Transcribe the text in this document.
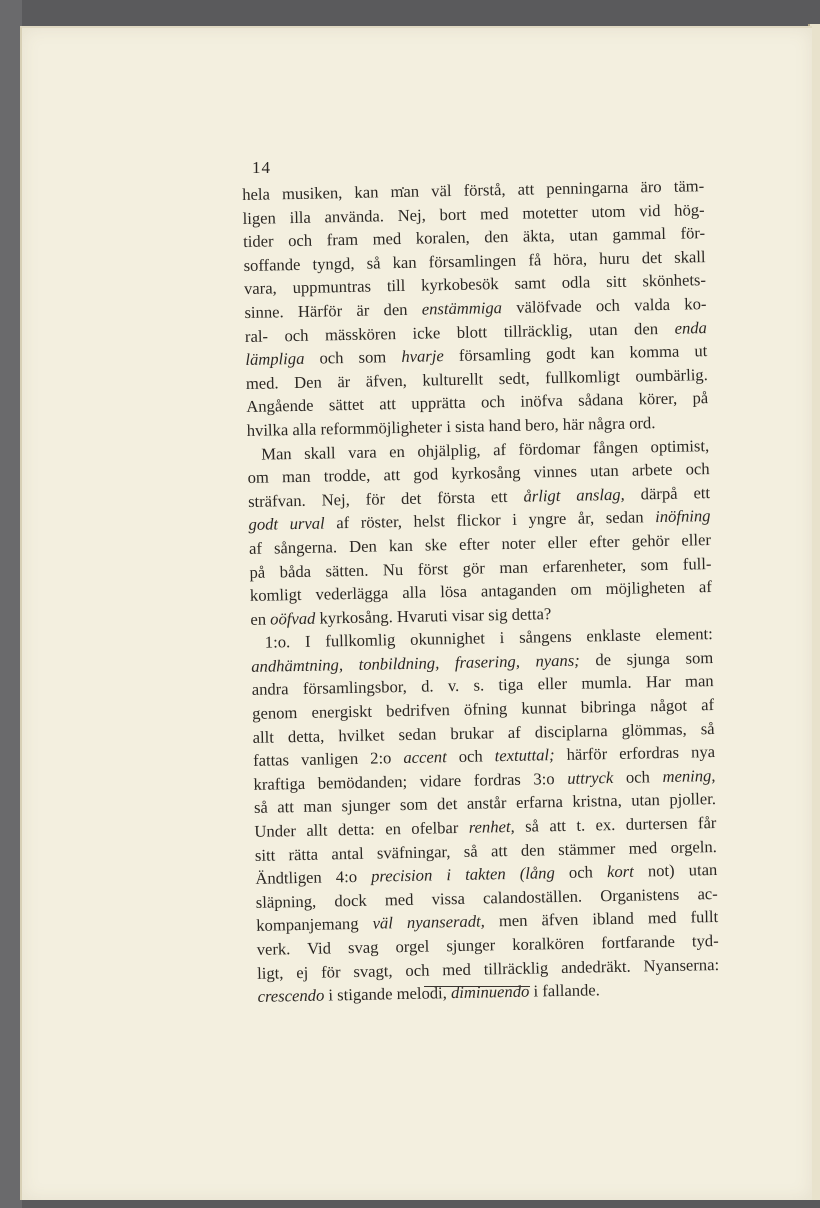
14
hela musiken, kan man väl förstå, att penningarna äro täm-
ligen illa använda. Nej, bort med motetter utom vid hög-
tider och fram med koralen, den äkta, utan gammal för-
soffande tyngd, så kan församlingen få höra, huru det skall
vara, uppmuntras till kyrkobesök samt odla sitt skönhets-
sinne. Härför är den enstämmiga välöfvade och valda ko-
ral- och mässkören icke blott tillräcklig, utan den enda
lämpliga och som hvarje församling godt kan komma ut
med. Den är äfven, kulturellt sedt, fullkomligt oumbärlig.
Angående sättet att upprätta och inöfva sådana körer, på
hvilka alla reformmöjligheter i sista hand bero, här några ord.
Man skall vara en ohjälplig, af fördomar fången optimist,
om man trodde, att god kyrkosång vinnes utan arbete och
sträfvan. Nej, för det första ett årligt anslag, därpå ett
godt urval af röster, helst flickor i yngre år, sedan inöfning
af sångerna. Den kan ske efter noter eller efter gehör eller
på båda sätten. Nu först gör man erfarenheter, som full-
komligt vederlägga alla lösa antaganden om möjligheten af
en oöfvad kyrkosång. Hvaruti visar sig detta?
1:o. I fullkomlig okunnighet i sångens enklaste element:
andhämtning, tonbildning, frasering, nyans; de sjunga som
andra församlingsbor, d. v. s. tiga eller mumla. Har man
genom energiskt bedrifven öfning kunnat bibringa något af
allt detta, hvilket sedan brukar af disciplarna glömmas, så
fattas vanligen 2:o accent och textuttal; härför erfordras nya
kraftiga bemödanden; vidare fordras 3:o uttryck och mening,
så att man sjunger som det anstår erfarna kristna, utan pjoller.
Under allt detta: en ofelbar renhet, så att t. ex. durtersen får
sitt rätta antal sväfningar, så att den stämmer med orgeln.
Ändtligen 4:o precision i takten (lång och kort not) utan
släpning, dock med vissa calandoställen. Organistens ac-
kompanjemang väl nyanseradt, men äfven ibland med fullt
verk. Vid svag orgel sjunger koralkören fortfarande tyd-
ligt, ej för svagt, och med tillräcklig andedräkt. Nyanserna:
crescendo i stigande melodi, diminuendo i fallande.
